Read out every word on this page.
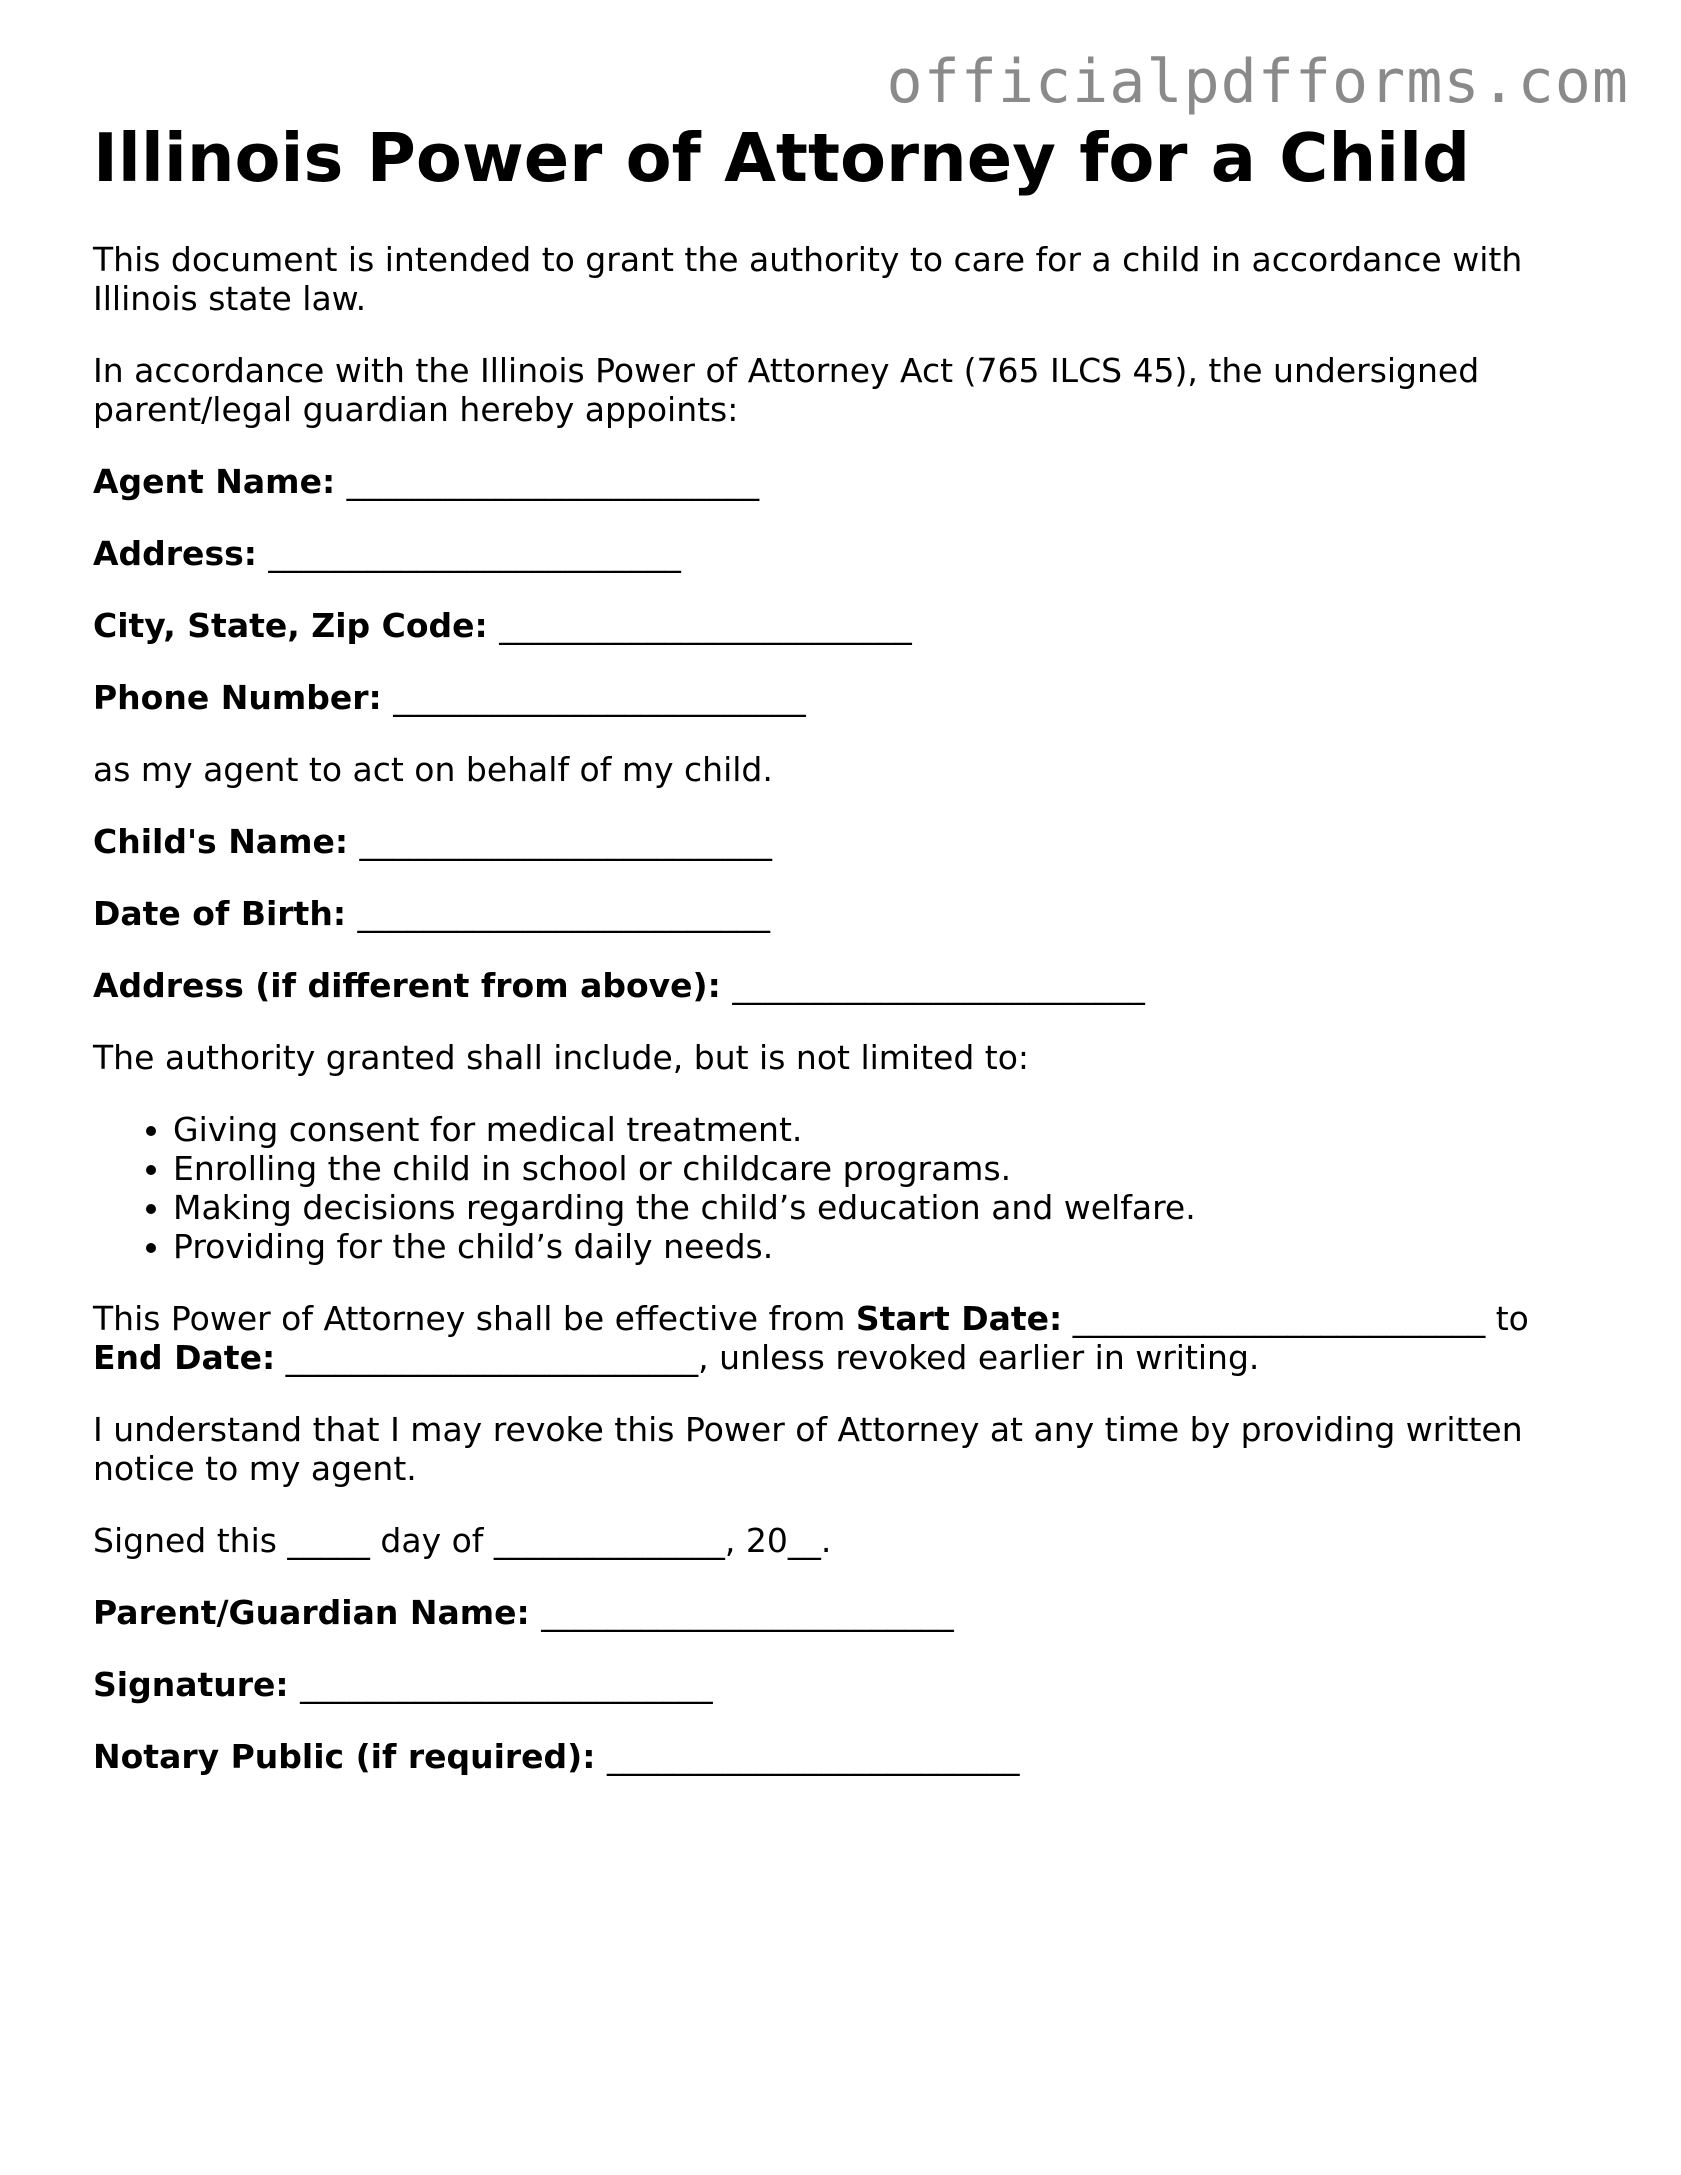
officialpdfforms.com
Illinois Power of Attorney for a Child

This document is intended to grant the authority to care for a child in accordance with Illinois state law.

In accordance with the Illinois Power of Attorney Act (765 ILCS 45), the undersigned parent/legal guardian hereby appoints:

Agent Name: _________________________
Address: _________________________
City, State, Zip Code: _________________________
Phone Number: _________________________

as my agent to act on behalf of my child.

Child's Name: _________________________
Date of Birth: _________________________
Address (if different from above): _________________________

The authority granted shall include, but is not limited to:

• Giving consent for medical treatment.
• Enrolling the child in school or childcare programs.
• Making decisions regarding the child’s education and welfare.
• Providing for the child’s daily needs.

This Power of Attorney shall be effective from Start Date: _________________________ to End Date: _________________________, unless revoked earlier in writing.

I understand that I may revoke this Power of Attorney at any time by providing written notice to my agent.

Signed this _____ day of ______________, 20__.

Parent/Guardian Name: _________________________
Signature: _________________________
Notary Public (if required): _________________________
